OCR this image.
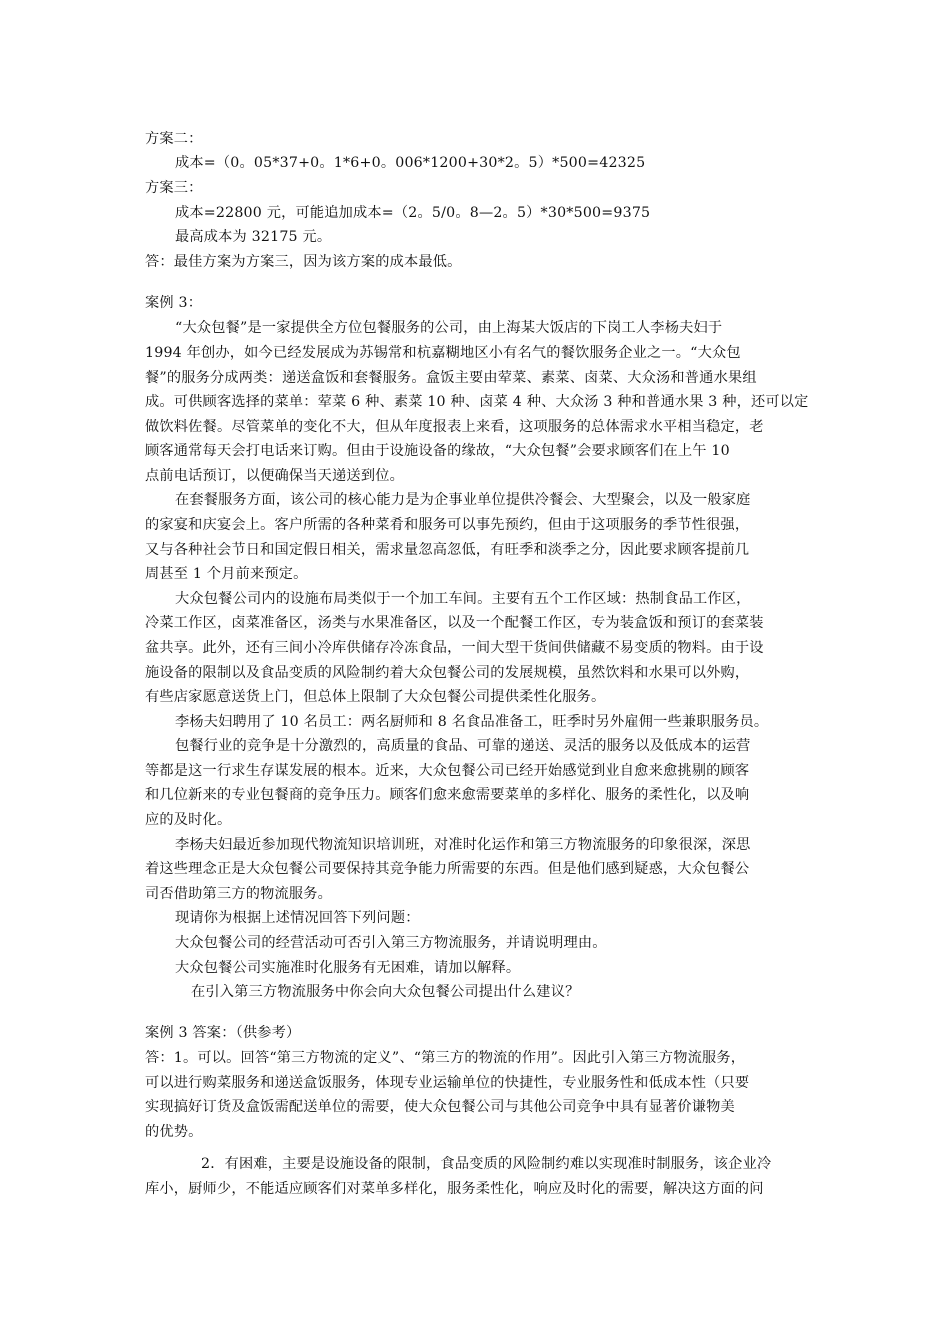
方案二：
成本=（0。05*37+0。1*6+0。006*1200+30*2。5）*500=42325
方案三：
成本=22800 元，可能追加成本=（2。5/0。8—2。5）*30*500=9375
最高成本为 32175 元。
答：最佳方案为方案三，因为该方案的成本最低。
案例 3：
“大众包餐”是一家提供全方位包餐服务的公司，由上海某大饭店的下岗工人李杨夫妇于
1994 年创办，如今已经发展成为苏锡常和杭嘉糊地区小有名气的餐饮服务企业之一。“大众包
餐”的服务分成两类：递送盒饭和套餐服务。盒饭主要由荤菜、素菜、卤菜、大众汤和普通水果组
成。可供顾客选择的菜单：荤菜 6 种、素菜 10 种、卤菜 4 种、大众汤 3 种和普通水果 3 种，还可以定
做饮料佐餐。尽管菜单的变化不大，但从年度报表上来看，这项服务的总体需求水平相当稳定，老
顾客通常每天会打电话来订购。但由于设施设备的缘故，“大众包餐”会要求顾客们在上午 10
点前电话预订，以便确保当天递送到位。
在套餐服务方面，该公司的核心能力是为企事业单位提供冷餐会、大型聚会，以及一般家庭
的家宴和庆宴会上。客户所需的各种菜肴和服务可以事先预约，但由于这项服务的季节性很强，
又与各种社会节日和国定假日相关，需求量忽高忽低，有旺季和淡季之分，因此要求顾客提前几
周甚至 1 个月前来预定。
大众包餐公司内的设施布局类似于一个加工车间。主要有五个工作区域：热制食品工作区，
冷菜工作区，卤菜准备区，汤类与水果准备区，以及一个配餐工作区，专为装盒饭和预订的套菜装
盆共享。此外，还有三间小冷库供储存冷冻食品，一间大型干货间供储藏不易变质的物料。由于设
施设备的限制以及食品变质的风险制约着大众包餐公司的发展规模，虽然饮料和水果可以外购，
有些店家愿意送货上门，但总体上限制了大众包餐公司提供柔性化服务。
李杨夫妇聘用了 10 名员工：两名厨师和 8 名食品准备工，旺季时另外雇佣一些兼职服务员。
包餐行业的竞争是十分激烈的，高质量的食品、可靠的递送、灵活的服务以及低成本的运营
等都是这一行求生存谋发展的根本。近来，大众包餐公司已经开始感觉到业自愈来愈挑剔的顾客
和几位新来的专业包餐商的竞争压力。顾客们愈来愈需要菜单的多样化、服务的柔性化，以及响
应的及时化。
李杨夫妇最近参加现代物流知识培训班，对准时化运作和第三方物流服务的印象很深，深思
着这些理念正是大众包餐公司要保持其竞争能力所需要的东西。但是他们感到疑惑，大众包餐公
司否借助第三方的物流服务。
现请你为根据上述情况回答下列问题：
大众包餐公司的经营活动可否引入第三方物流服务，并请说明理由。
大众包餐公司实施准时化服务有无困难，请加以解释。
在引入第三方物流服务中你会向大众包餐公司提出什么建议？
案例 3 答案：（供参考）
答：1。可以。回答“第三方物流的定义”、“第三方的物流的作用”。因此引入第三方物流服务，
可以进行购菜服务和递送盒饭服务，体现专业运输单位的快捷性，专业服务性和低成本性（只要
实现搞好订货及盒饭需配送单位的需要，使大众包餐公司与其他公司竞争中具有显著价谦物美
的优势。
2．有困难，主要是设施设备的限制，食品变质的风险制约难以实现准时制服务，该企业冷
库小，厨师少，不能适应顾客们对菜单多样化，服务柔性化，响应及时化的需要，解决这方面的问
